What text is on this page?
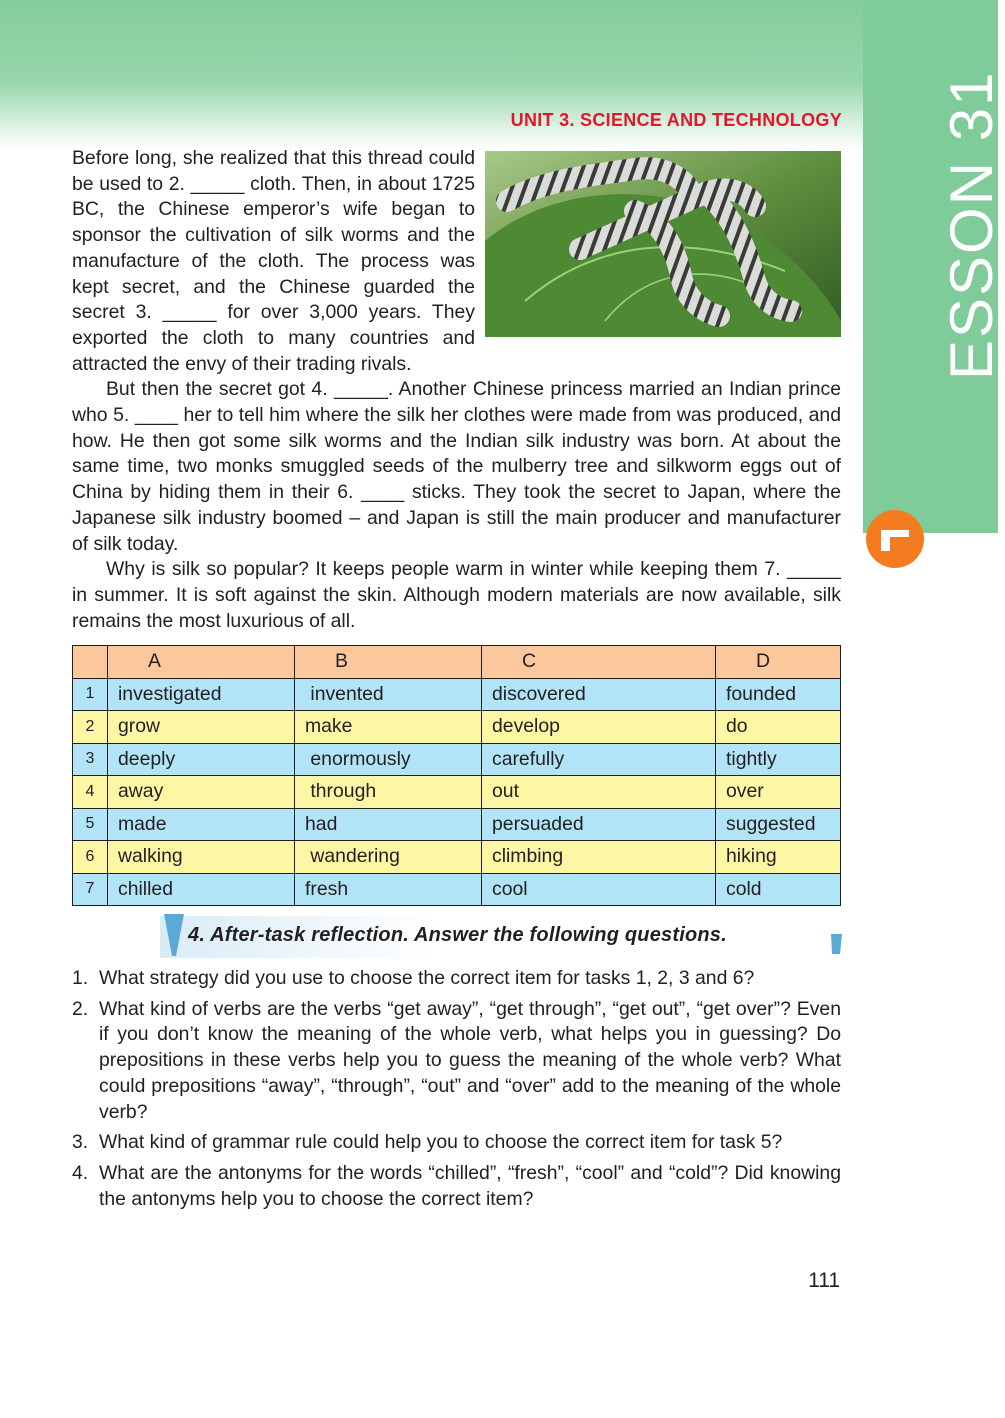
ESSON 31
UNIT 3. SCIENCE AND TECHNOLOGY

Before long, she realized that this thread could be used to 2. _____ cloth. Then, in about 1725 BC, the Chinese emperor’s wife began to sponsor the cultivation of silk worms and the manufacture of the cloth. The process was kept secret, and the Chinese guarded the secret 3. _____ for over 3,000 years. They exported the cloth to many countries and attracted the envy of their trading rivals.

But then the secret got 4. _____. Another Chinese princess married an Indian prince who 5. ____ her to tell him where the silk her clothes were made from was produced, and how. He then got some silk worms and the Indian silk industry was born. At about the same time, two monks smuggled seeds of the mulberry tree and silkworm eggs out of China by hiding them in their 6. ____ sticks. They took the secret to Japan, where the Japanese silk industry boomed – and Japan is still the main producer and manufacturer of silk today.

Why is silk so popular? It keeps people warm in winter while keeping them 7. _____ in summer. It is soft against the skin. Although modern materials are now available, silk remains the most luxurious of all.

	A	B	C	D
1	investigated	invented	discovered	founded
2	grow	make	develop	do
3	deeply	enormously	carefully	tightly
4	away	through	out	over
5	made	had	persuaded	suggested
6	walking	wandering	climbing	hiking
7	chilled	fresh	cool	cold
4. After-task reflection. Answer the following questions.
1. What strategy did you use to choose the correct item for tasks 1, 2, 3 and 6?
2. What kind of verbs are the verbs “get away”, “get through”, “get out”, “get over”? Even if you don’t know the meaning of the whole verb, what helps you in guessing? Do prepositions in these verbs help you to guess the meaning of the whole verb? What could prepositions “away”, “through”, “out” and “over” add to the meaning of the whole verb?
3. What kind of grammar rule could help you to choose the correct item for task 5?
4. What are the antonyms for the words “chilled”, “fresh”, “cool” and “cold”? Did knowing the antonyms help you to choose the correct item?
111
